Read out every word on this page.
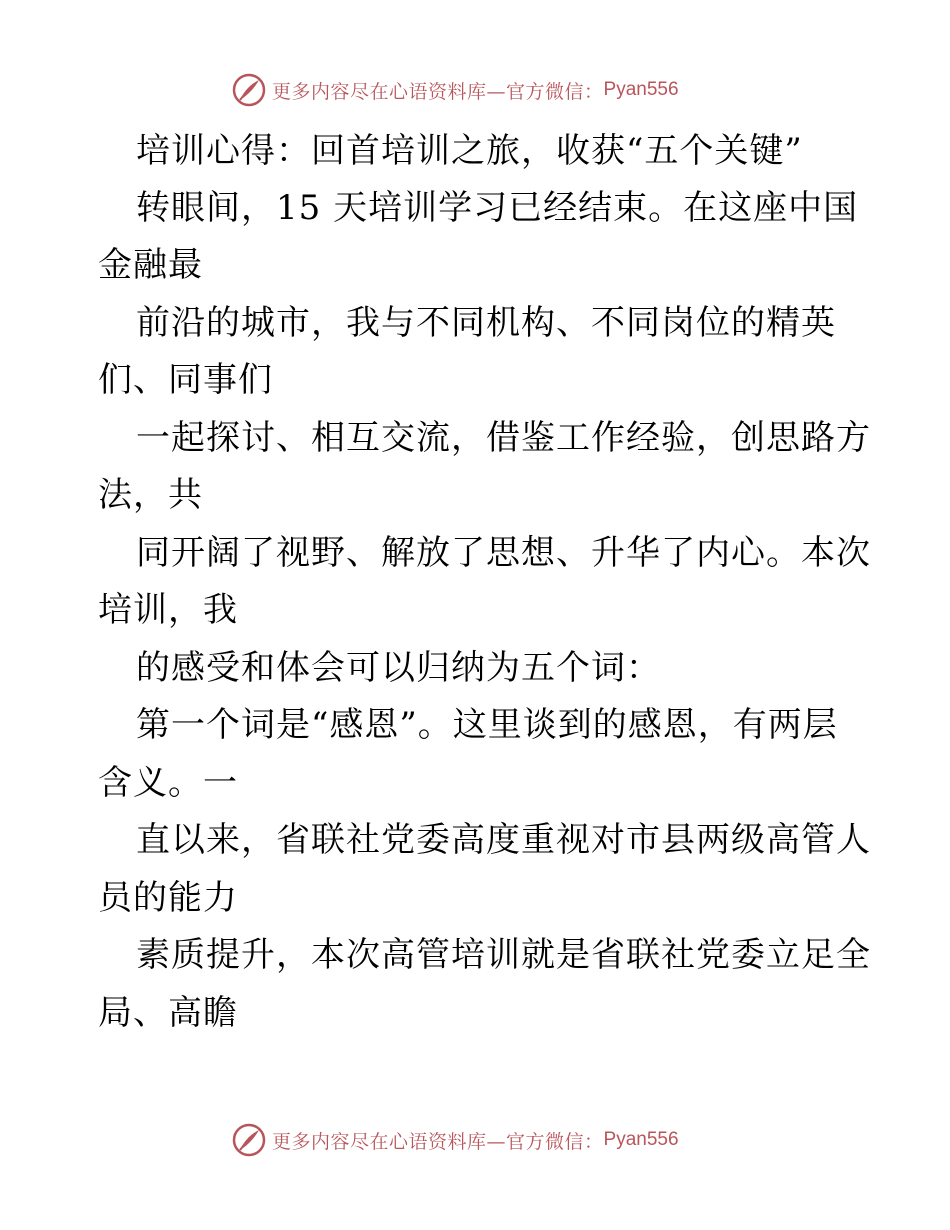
更多内容尽在心语资料库—官方微信： Pyan556
培训心得：回首培训之旅，收获“五个关键”
转眼间，15 天培训学习已经结束。在这座中国
金融最
前沿的城市，我与不同机构、不同岗位的精英
们、同事们
一起探讨、相互交流，借鉴工作经验，创思路方
法，共
同开阔了视野、解放了思想、升华了内心。本次
培训，我
的感受和体会可以归纳为五个词：
第一个词是“感恩”。这里谈到的感恩，有两层
含义。一
直以来，省联社党委高度重视对市县两级高管人
员的能力
素质提升，本次高管培训就是省联社党委立足全
局、高瞻
更多内容尽在心语资料库—官方微信： Pyan556
